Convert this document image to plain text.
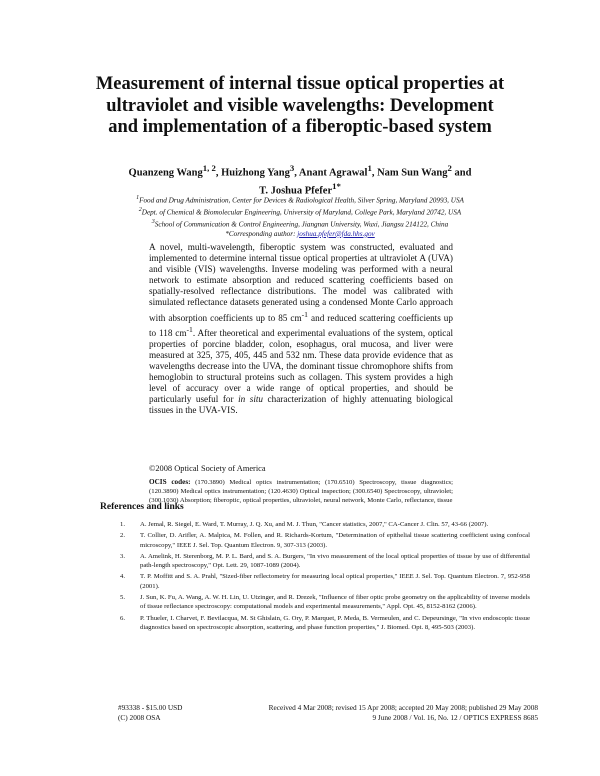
Measurement of internal tissue optical properties at ultraviolet and visible wavelengths: Development and implementation of a fiberoptic-based system
Quanzeng Wang$^{1, 2}$, Huizhong Yang$^3$, Anant Agrawal$^1$, Nam Sun Wang$^2$ and
T. Joshua Pfefer$^{1*}$
$^1$Food and Drug Administration, Center for Devices & Radiological Health, Silver Spring, Maryland 20993, USA
$^2$Dept. of Chemical & Biomolecular Engineering, University of Maryland, College Park, Maryland 20742, USA
$^3$School of Communication & Control Engineering, Jiangnan University, Wuxi, Jiangsu 214122, China
*Corresponding author: joshua.pfefer@fda.hhs.gov
A novel, multi-wavelength, fiberoptic system was constructed, evaluated and implemented to determine internal tissue optical properties at ultraviolet A (UVA) and visible (VIS) wavelengths. Inverse modeling was performed with a neural network to estimate absorption and reduced scattering coefficients based on spatially-resolved reflectance distributions. The model was calibrated with simulated reflectance datasets generated using a condensed Monte Carlo approach with absorption coefficients up to 85 $cm^{-1}$ and reduced scattering coefficients up to 118 $cm^{-1}$. After theoretical and experimental evaluations of the system, optical properties of porcine bladder, colon, esophagus, oral mucosa, and liver were measured at 325, 375, 405, 445 and 532 nm. These data provide evidence that as wavelengths decrease into the UVA, the dominant tissue chromophore shifts from hemoglobin to structural proteins such as collagen. This system provides a high level of accuracy over a wide range of optical properties, and should be particularly useful for in situ characterization of highly attenuating biological tissues in the UVA-VIS.
©2008 Optical Society of America
OCIS codes: (170.3890) Medical optics instrumentation; (170.6510) Spectroscopy, tissue diagnostics; (120.3890) Medical optics instrumentation; (120.4630) Optical inspection; (300.6540) Spectroscopy, ultraviolet; (300.1030) Absorption; fiberoptic, optical properties, ultraviolet, neural network, Monte Carlo, reflectance, tissue
References and links
1. A. Jemal, R. Siegel, E. Ward, T. Murray, J. Q. Xu, and M. J. Thun, "Cancer statistics, 2007," CA-Cancer J. Clin. 57, 43-66 (2007).
2. T. Collier, D. Arifler, A. Malpica, M. Follen, and R. Richards-Kortum, "Determination of epithelial tissue scattering coefficient using confocal microscopy," IEEE J. Sel. Top. Quantum Electron. 9, 307-313 (2003).
3. A. Amelink, H. Sterenborg, M. P. L. Bard, and S. A. Burgers, "In vivo measurement of the local optical properties of tissue by use of differential path-length spectroscopy," Opt. Lett. 29, 1087-1089 (2004).
4. T. P. Moffitt and S. A. Prahl, "Sized-fiber reflectometry for measuring local optical properties," IEEE J. Sel. Top. Quantum Electron. 7, 952-958 (2001).
5. J. Sun, K. Fu, A. Wang, A. W. H. Lin, U. Utzinger, and R. Drezek, "Influence of fiber optic probe geometry on the applicability of inverse models of tissue reflectance spectroscopy: computational models and experimental measurements," Appl. Opt. 45, 8152-8162 (2006).
6. P. Thueler, I. Charvet, F. Bevilacqua, M. St Ghislain, G. Ory, P. Marquet, P. Meda, B. Vermeulen, and C. Depeursinge, "In vivo endoscopic tissue diagnostics based on spectroscopic absorption, scattering, and phase function properties," J. Biomed. Opt. 8, 495-503 (2003).
#93338 - $15.00 USD	Received 4 Mar 2008; revised 15 Apr 2008; accepted 20 May 2008; published 29 May 2008
(C) 2008 OSA	9 June 2008 / Vol. 16, No. 12 / OPTICS EXPRESS 8685
